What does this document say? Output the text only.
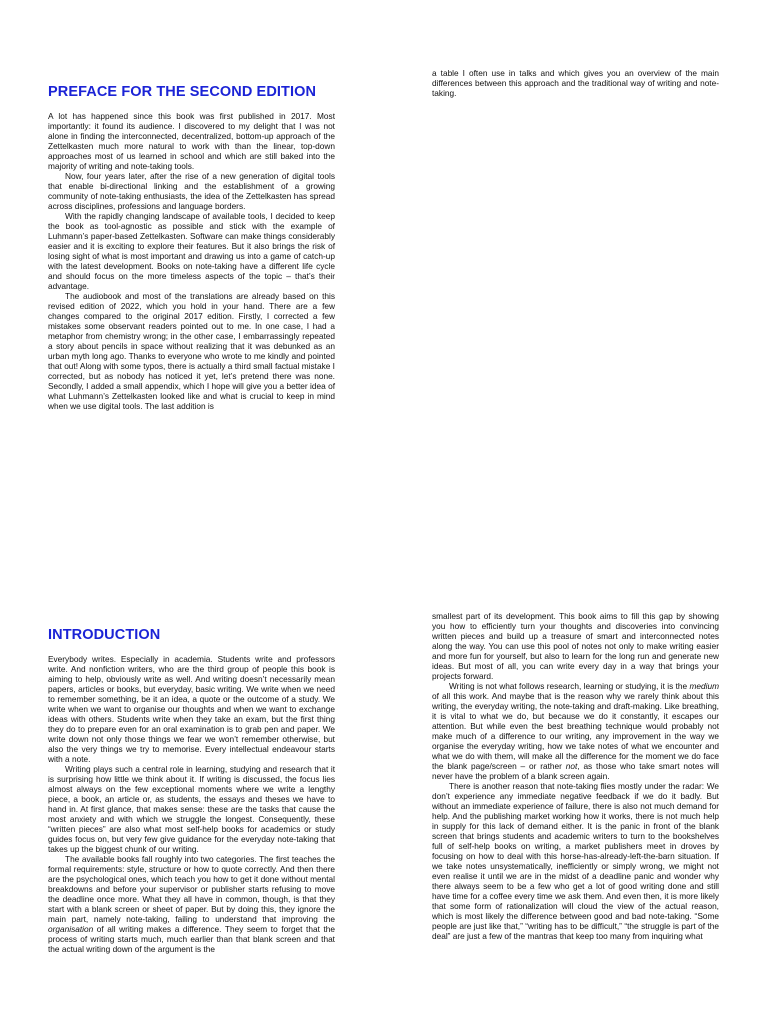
PREFACE FOR THE SECOND EDITION

A lot has happened since this book was first published in 2017. Most importantly: it found its audience. I discovered to my delight that I was not alone in finding the interconnected, decentralized, bottom-up approach of the Zettelkasten much more natural to work with than the linear, top-down approaches most of us learned in school and which are still baked into the majority of writing and note-taking tools.

Now, four years later, after the rise of a new generation of digital tools that enable bi-directional linking and the establishment of a growing community of note-taking enthusiasts, the idea of the Zettelkasten has spread across disciplines, professions and language borders.

With the rapidly changing landscape of available tools, I decided to keep the book as tool-agnostic as possible and stick with the example of Luhmann’s paper-based Zettelkasten. Software can make things considerably easier and it is exciting to explore their features. But it also brings the risk of losing sight of what is most important and drawing us into a game of catch-up with the latest development. Books on note-taking have a different life cycle and should focus on the more timeless aspects of the topic – that’s their advantage.

The audiobook and most of the translations are already based on this revised edition of 2022, which you hold in your hand. There are a few changes compared to the original 2017 edition. Firstly, I corrected a few mistakes some observant readers pointed out to me. In one case, I had a metaphor from chemistry wrong; in the other case, I embarrassingly repeated a story about pencils in space without realizing that it was debunked as an urban myth long ago. Thanks to everyone who wrote to me kindly and pointed that out! Along with some typos, there is actually a third small factual mistake I corrected, but as nobody has noticed it yet, let’s pretend there was none. Secondly, I added a small appendix, which I hope will give you a better idea of what Luhmann’s Zettelkasten looked like and what is crucial to keep in mind when we use digital tools. The last addition is

a table I often use in talks and which gives you an overview of the main differences between this approach and the traditional way of writing and note-taking.

INTRODUCTION

Everybody writes. Especially in academia. Students write and professors write. And nonfiction writers, who are the third group of people this book is aiming to help, obviously write as well. And writing doesn’t necessarily mean papers, articles or books, but everyday, basic writing. We write when we need to remember something, be it an idea, a quote or the outcome of a study. We write when we want to organise our thoughts and when we want to exchange ideas with others. Students write when they take an exam, but the first thing they do to prepare even for an oral examination is to grab pen and paper. We write down not only those things we fear we won’t remember otherwise, but also the very things we try to memorise. Every intellectual endeavour starts with a note.

Writing plays such a central role in learning, studying and research that it is surprising how little we think about it. If writing is discussed, the focus lies almost always on the few exceptional moments where we write a lengthy piece, a book, an article or, as students, the essays and theses we have to hand in. At first glance, that makes sense: these are the tasks that cause the most anxiety and with which we struggle the longest. Consequently, these “written pieces” are also what most self-help books for academics or study guides focus on, but very few give guidance for the everyday note-taking that takes up the biggest chunk of our writing.

The available books fall roughly into two categories. The first teaches the formal requirements: style, structure or how to quote correctly. And then there are the psychological ones, which teach you how to get it done without mental breakdowns and before your supervisor or publisher starts refusing to move the deadline once more. What they all have in common, though, is that they start with a blank screen or sheet of paper. But by doing this, they ignore the main part, namely note-taking, failing to understand that improving the organisation of all writing makes a difference. They seem to forget that the process of writing starts much, much earlier than that blank screen and that the actual writing down of the argument is the

smallest part of its development. This book aims to fill this gap by showing you how to efficiently turn your thoughts and discoveries into convincing written pieces and build up a treasure of smart and interconnected notes along the way. You can use this pool of notes not only to make writing easier and more fun for yourself, but also to learn for the long run and generate new ideas. But most of all, you can write every day in a way that brings your projects forward.

Writing is not what follows research, learning or studying, it is the medium of all this work. And maybe that is the reason why we rarely think about this writing, the everyday writing, the note-taking and draft-making. Like breathing, it is vital to what we do, but because we do it constantly, it escapes our attention. But while even the best breathing technique would probably not make much of a difference to our writing, any improvement in the way we organise the everyday writing, how we take notes of what we encounter and what we do with them, will make all the difference for the moment we do face the blank page/screen – or rather not, as those who take smart notes will never have the problem of a blank screen again.

There is another reason that note-taking flies mostly under the radar: We don’t experience any immediate negative feedback if we do it badly. But without an immediate experience of failure, there is also not much demand for help. And the publishing market working how it works, there is not much help in supply for this lack of demand either. It is the panic in front of the blank screen that brings students and academic writers to turn to the bookshelves full of self-help books on writing, a market publishers meet in droves by focusing on how to deal with this horse-has-already-left-the-barn situation. If we take notes unsystematically, inefficiently or simply wrong, we might not even realise it until we are in the midst of a deadline panic and wonder why there always seem to be a few who get a lot of good writing done and still have time for a coffee every time we ask them. And even then, it is more likely that some form of rationalization will cloud the view of the actual reason, which is most likely the difference between good and bad note-taking. “Some people are just like that,” “writing has to be difficult,” “the struggle is part of the deal” are just a few of the mantras that keep too many from inquiring what
